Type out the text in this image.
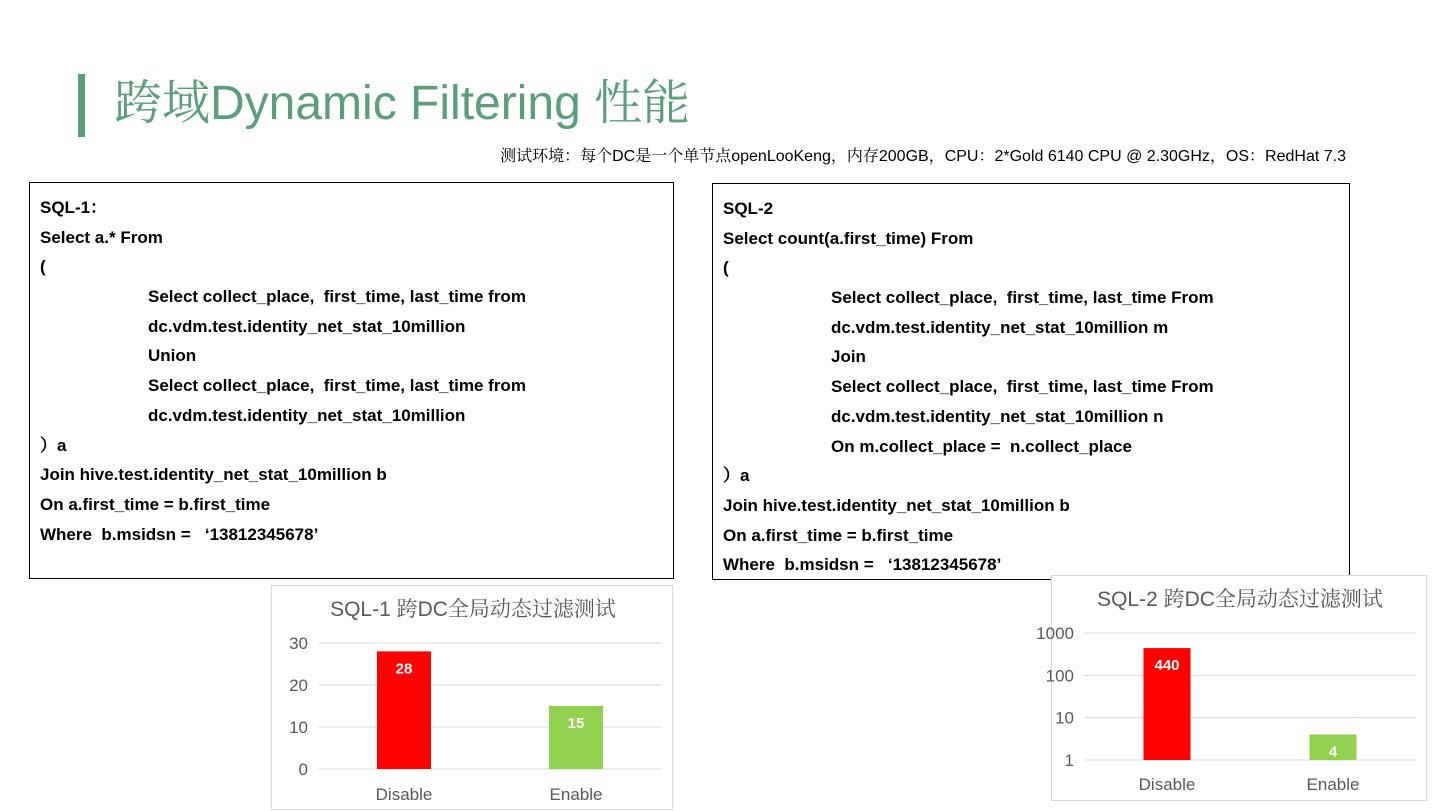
跨域Dynamic Filtering 性能
测试环境：每个DC是一个单节点openLooKeng，内存200GB，CPU：2*Gold 6140 CPU @ 2.30GHz，OS：RedHat 7.3
SQL-1：
Select a.* From
(
Select collect_place,  first_time, last_time from
dc.vdm.test.identity_net_stat_10million
Union
Select collect_place,  first_time, last_time from
dc.vdm.test.identity_net_stat_10million
）a
Join hive.test.identity_net_stat_10million b
On a.first_time = b.first_time
Where  b.msidsn =   ‘13812345678’
SQL-2
Select count(a.first_time) From
(
Select collect_place,  first_time, last_time From
dc.vdm.test.identity_net_stat_10million m
Join
Select collect_place,  first_time, last_time From
dc.vdm.test.identity_net_stat_10million n
On m.collect_place =  n.collect_place
）a
Join hive.test.identity_net_stat_10million b
On a.first_time = b.first_time
Where  b.msidsn =   ‘13812345678’
SQL-1 跨DC全局动态过滤测试
0
10
20
30
28
Disable
15
Enable
SQL-2 跨DC全局动态过滤测试
1
10
100
1000
440
Disable
4
Enable
